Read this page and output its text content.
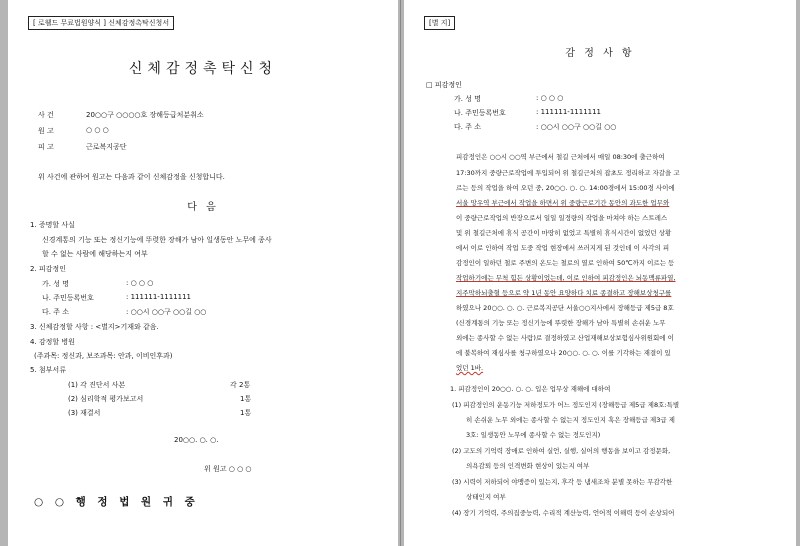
[ 로웰드 무료법원양식 ] 신체감정촉탁신청서
신체감정촉탁신청
사 건	20○○구 ○○○○호 장해등급처분취소
원 고	○ ○ ○
피 고	근로복지공단
위 사건에 관하여 원고는 다음과 같이 신체감정을 신청합니다.
다 음
1. 증명할 사실
신경계통의 기능 또는 정신기능에 뚜렷한 장해가 남아 일생동안 노무에 종사
할 수 없는 사람에 해당하는지 여부
2. 피감정인
가. 성 명	: ○ ○ ○
나. 주민등록번호	: 111111-1111111
다. 주 소	: ○○시 ○○구 ○○길 ○○
3. 신체감정할 사항 : <별지>기재와 같음.
4. 감정할 병원
(주과목: 정신과, 보조과목: 안과, 이비인후과)
5. 첨부서류
(1) 각 진단서 사본	각 2통
(2) 심리학적 평가보고서	1통
(3) 재결서	1통
20○○. ○. ○.
위 원고 ○ ○ ○
○ ○ 행 정 법 원 귀 중
[별 지]
감 정 사 항
□ 피감정인
가. 성 명	: ○ ○ ○
나. 주민등록번호	: 111111-1111111
다. 주 소	: ○○시 ○○구 ○○길 ○○
피감정인은 ○○시 ○○역 부근에서 철길 근처에서 매일 08:30에 출근하여
17:30까지 중량근로작업에 투입되어 위 철길근처의 잡초도 정리하고 자갈을 고
르는 등의 작업을 하여 오던 중, 20○○. ○. ○. 14:00경에서 15:00경 사이에
서울 망우역 부근에서 작업을 하면서 위 중량근로기간 동안의 과도한 업무와
이 중량근로작업의 반장으로서 일일 일정량의 작업을 마쳐야 하는 스트레스
및 위 철길근처에 휴식 공간이 마땅히 없었고 특별히 휴식시간이 없었던 상황
에서 이로 인하여 작업 도중 작업 현장에서 쓰러지게 된 것인데 이 사각의 피
감정인이 일하던 철로 주변의 온도는 철로의 열로 인하여 50℃까지 이르는 등
작업하기에는 무척 힘든 상황이었는데, 이로 인하여 피감정인은 뇌동맥류파열,
지주막하뇌출혈 등으로 약 1년 동안 요양하다 치료 종결하고 장해보상청구를
하였으나 20○○. ○. ○. 근로복지공단 서울○○지사에서 장해등급 제5급 8호
(신경계통의 기능 또는 정신기능에 뚜렷한 장해가 남아 특별히 손쉬운 노무
외에는 종사할 수 없는 사람)로 결정하였고 산업재해보상보험심사위원회에 이
에 불복하여 재심사를 청구하였으나 20○○. ○. ○. 이를 기각하는 재결이 있
었던 1바.
1. 피감정인이 20○○. ○. ○. 입은 업무상 재해에 대하여
(1) 피감정인의 운동기능 저하정도가 어느 정도인지 (장해등급 제5급 제8호:특별
히 손쉬운 노무 외에는 종사할 수 없는지 정도인지 혹은 장해등급 제3급 제
3호: 일생동안 노무에 종사할 수 없는 정도인지)
(2) 고도의 기억력 장애로 인하여 실언, 실행, 실어의 행동을 보이고 감정문화,
의욕감퇴 등의 인격변화 현상이 있는지 여부
(3) 시력이 저하되어 야맹증이 있는지, 후각 등 냄새조차 분별 못하는 무감각한
상태인지 여부
(4) 장기 기억력, 주의집중능력, 수리적 계산능력, 언어적 이해력 등이 손상되어
